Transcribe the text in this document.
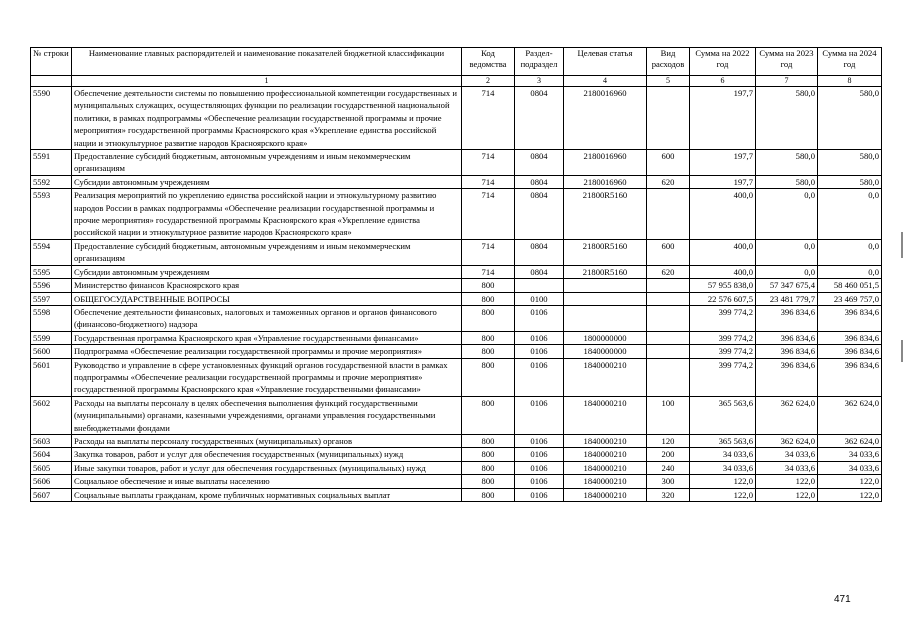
№ строки	Наименование главных распорядителей и наименование показателей бюджетной классификации	Код ведомства	Раздел-подраздел	Целевая статья	Вид расходов	Сумма на 2022 год	Сумма на 2023 год	Сумма на 2024 год
	1	2	3	4	5	6	7	8
5590	Обеспечение деятельности системы по повышению профессиональной компетенции государственных и муниципальных служащих, осуществляющих функции по реализации государственной национальной политики, в рамках подпрограммы «Обеспечение реализации государственной программы и прочие мероприятия» государственной программы Красноярского края «Укрепление единства российской нации и этнокультурное развитие народов Красноярского края»	714	0804	2180016960		197,7	580,0	580,0
5591	Предоставление субсидий бюджетным, автономным учреждениям и иным некоммерческим организациям	714	0804	2180016960	600	197,7	580,0	580,0
5592	Субсидии автономным учреждениям	714	0804	2180016960	620	197,7	580,0	580,0
5593	Реализация мероприятий по укреплению единства российской нации и этнокультурному развитию народов России в рамках подпрограммы «Обеспечение реализации государственной программы и прочие мероприятия» государственной программы Красноярского края «Укрепление единства российской нации и этнокультурное развитие народов Красноярского края»	714	0804	21800R5160		400,0	0,0	0,0
5594	Предоставление субсидий бюджетным, автономным учреждениям и иным некоммерческим организациям	714	0804	21800R5160	600	400,0	0,0	0,0
5595	Субсидии автономным учреждениям	714	0804	21800R5160	620	400,0	0,0	0,0
5596	Министерство финансов Красноярского края	800				57 955 838,0	57 347 675,4	58 460 051,5
5597	ОБЩЕГОСУДАРСТВЕННЫЕ ВОПРОСЫ	800	0100			22 576 607,5	23 481 779,7	23 469 757,0
5598	Обеспечение деятельности финансовых, налоговых и таможенных органов и органов финансового (финансово-бюджетного) надзора	800	0106			399 774,2	396 834,6	396 834,6
5599	Государственная программа Красноярского края «Управление государственными финансами»	800	0106	1800000000		399 774,2	396 834,6	396 834,6
5600	Подпрограмма «Обеспечение реализации государственной программы и прочие мероприятия»	800	0106	1840000000		399 774,2	396 834,6	396 834,6
5601	Руководство и управление в сфере установленных функций органов государственной власти в рамках подпрограммы «Обеспечение реализации государственной программы и прочие мероприятия» государственной программы Красноярского края «Управление государственными финансами»	800	0106	1840000210		399 774,2	396 834,6	396 834,6
5602	Расходы на выплаты персоналу в целях обеспечения выполнения функций государственными (муниципальными) органами, казенными учреждениями, органами управления государственными внебюджетными фондами	800	0106	1840000210	100	365 563,6	362 624,0	362 624,0
5603	Расходы на выплаты персоналу государственных (муниципальных) органов	800	0106	1840000210	120	365 563,6	362 624,0	362 624,0
5604	Закупка товаров, работ и услуг для обеспечения государственных (муниципальных) нужд	800	0106	1840000210	200	34 033,6	34 033,6	34 033,6
5605	Иные закупки товаров, работ и услуг для обеспечения государственных (муниципальных) нужд	800	0106	1840000210	240	34 033,6	34 033,6	34 033,6
5606	Социальное обеспечение и иные выплаты населению	800	0106	1840000210	300	122,0	122,0	122,0
5607	Социальные выплаты гражданам, кроме публичных нормативных социальных выплат	800	0106	1840000210	320	122,0	122,0	122,0
471
